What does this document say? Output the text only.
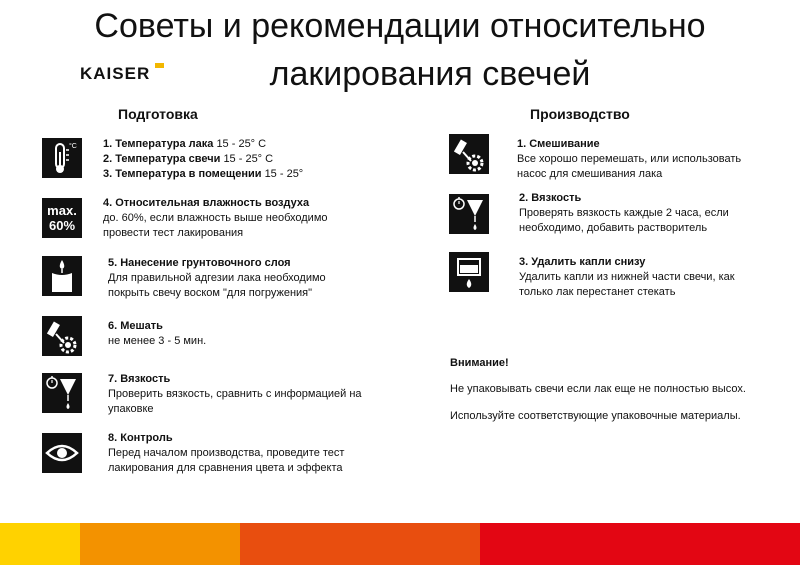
Советы и рекомендации относительно
лакирования свечей
KAISER
Подготовка
°C 1. Температура лака 15 - 25° C
2. Температура свечи 15 - 25° C
3. Температура в помещении 15 - 25°
max.
60%
4. Относительная влажность воздуха
до. 60%, если влажность выше необходимо
провести тест лакирования
5. Нанесение грунтовочного слоя
Для правильной адгезии лака необходимо
покрыть свечу воском "для погружения"
6. Мешать
не менее 3 - 5 мин.
7. Вязкость
Проверить вязкость, сравнить с информацией на
упаковке
8. Контроль
Перед началом производства, проведите тест
лакирования для сравнения цвета и эффекта
Производство
1. Смешивание
Все хорошо перемешать, или использовать
насос для смешивания лака
2. Вязкость
Проверять вязкость каждые 2 часа, если
необходимо, добавить растворитель
3. Удалить капли снизу
Удалить капли из нижней части свечи, как
только лак перестанет стекать
Внимание!
Не упаковывать свечи если лак еще не полностью высох.
Используйте соответствующие упаковочные материалы.
